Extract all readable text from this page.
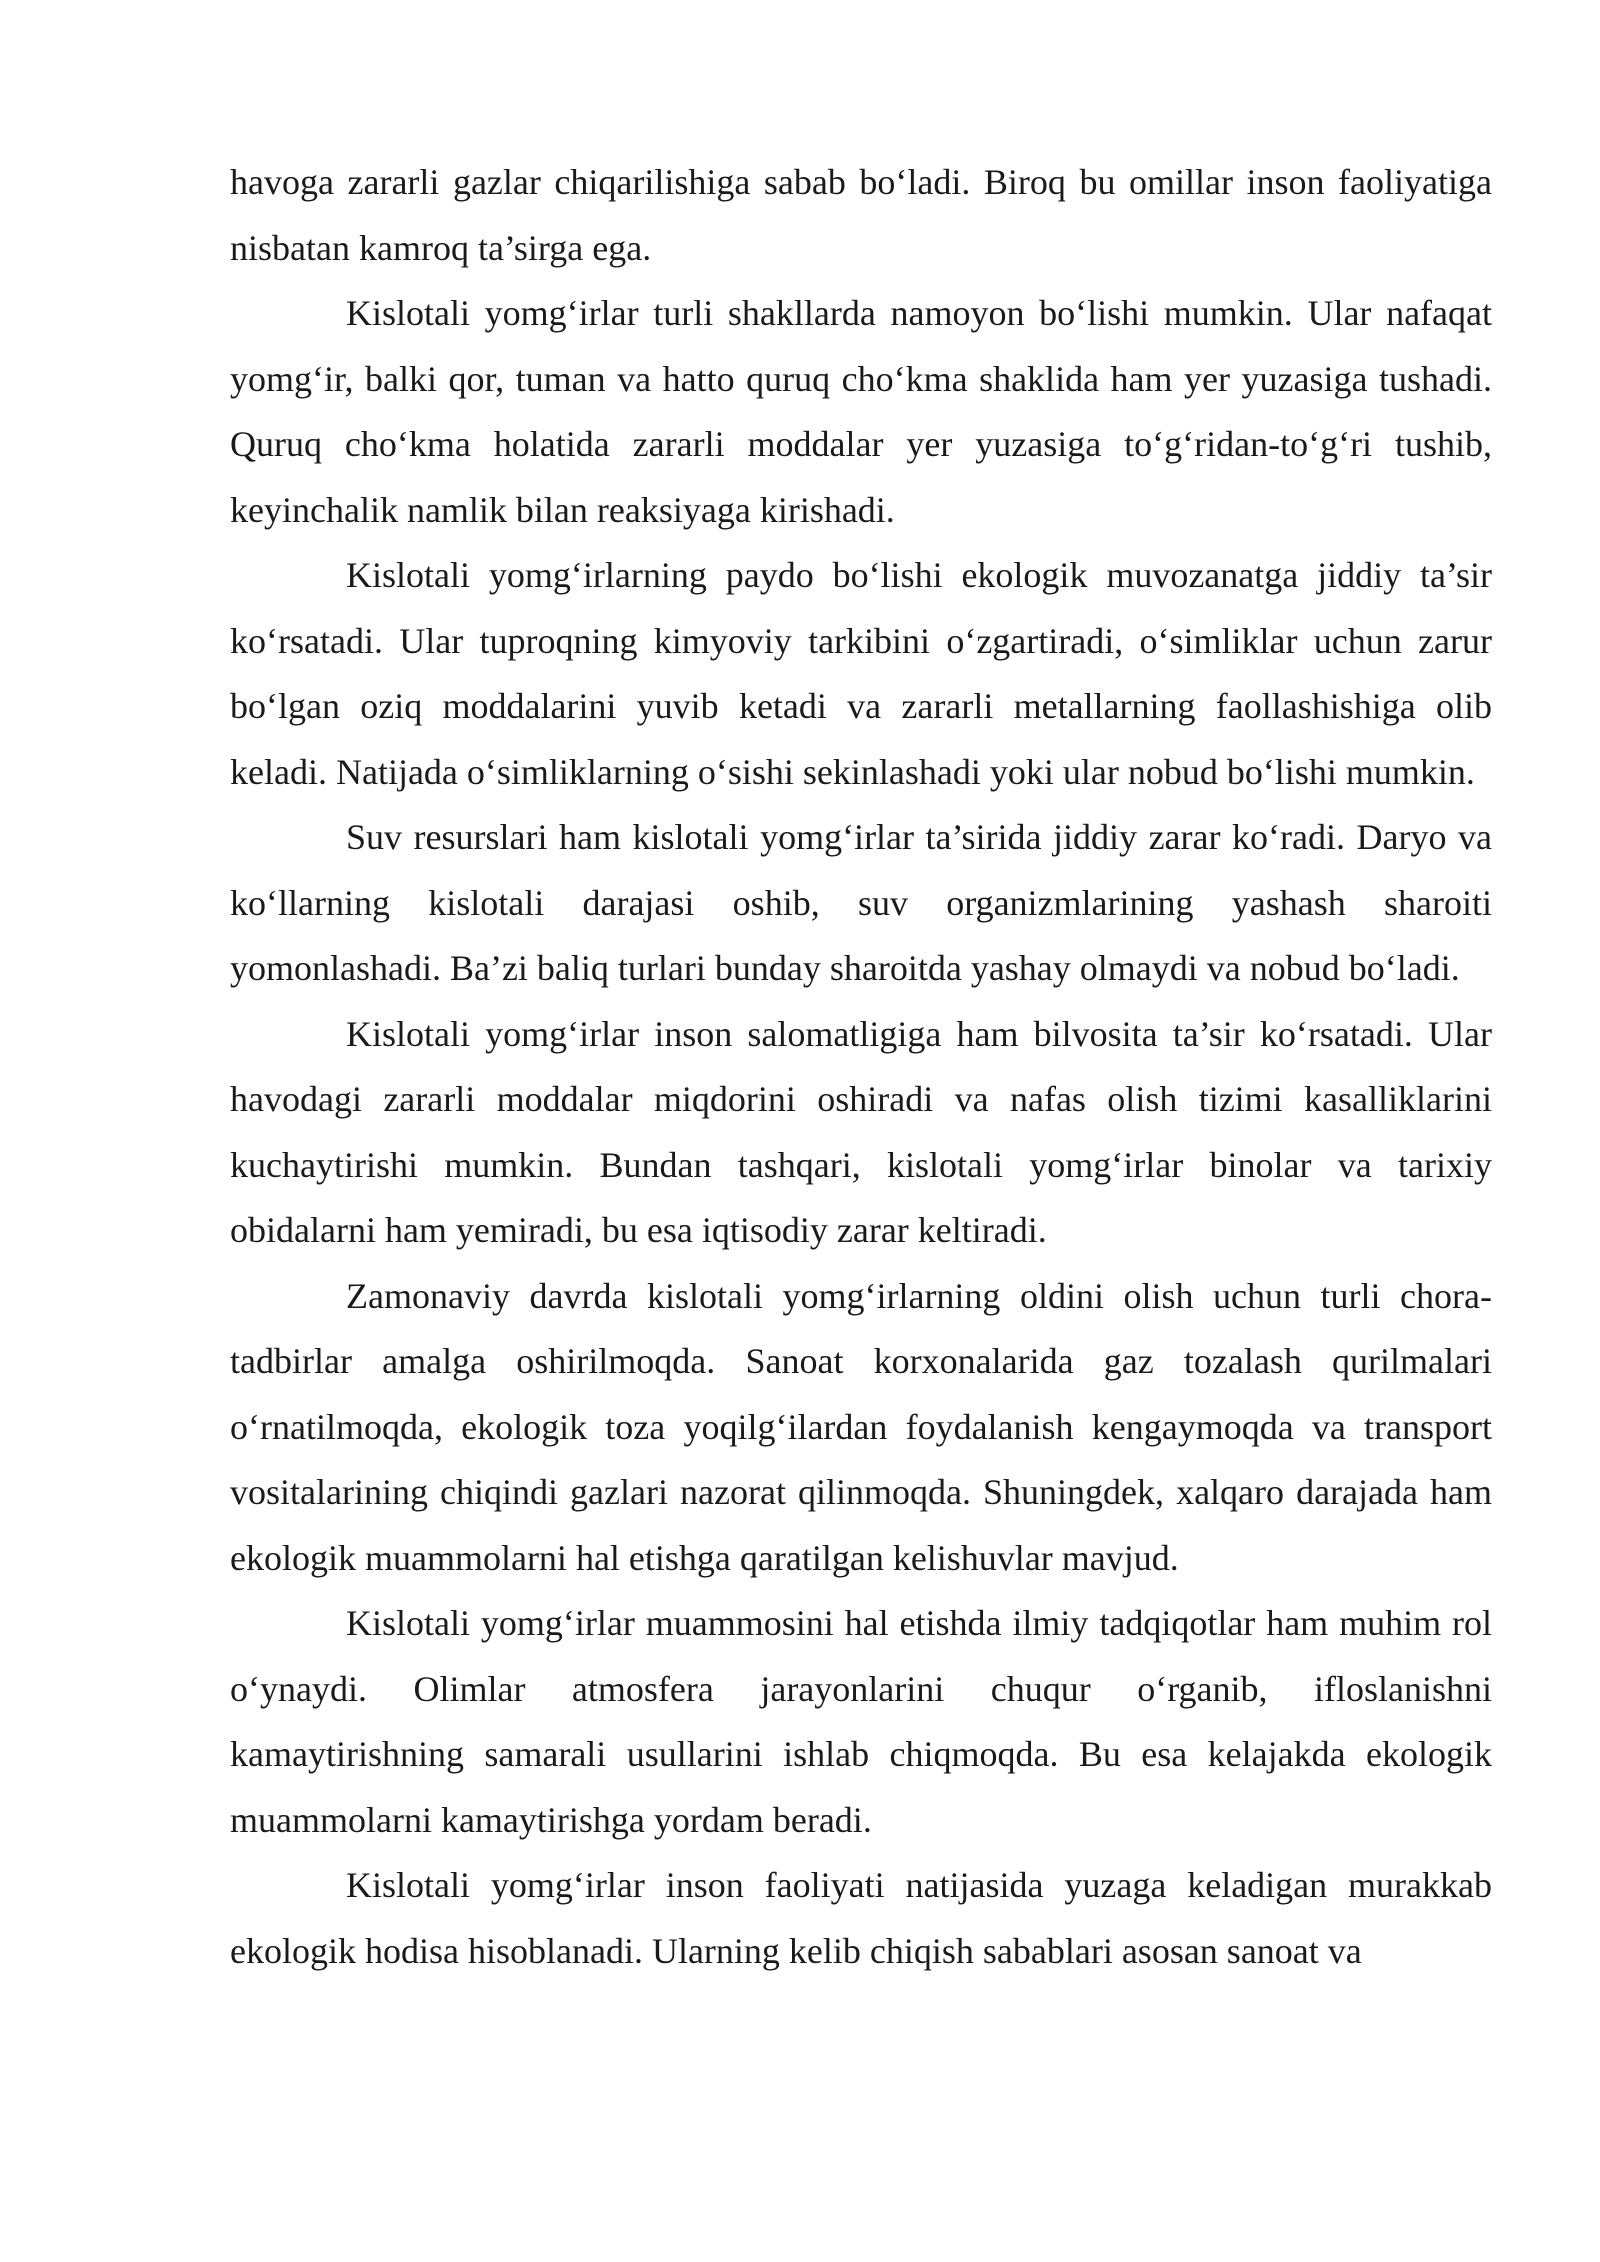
havoga zararli gazlar chiqarilishiga sabab bo‘ladi. Biroq bu omillar inson faoliyatiga nisbatan kamroq ta’sirga ega.

Kislotali yomg‘irlar turli shakllarda namoyon bo‘lishi mumkin. Ular nafaqat yomg‘ir, balki qor, tuman va hatto quruq cho‘kma shaklida ham yer yuzasiga tushadi. Quruq cho‘kma holatida zararli moddalar yer yuzasiga to‘g‘ridan-to‘g‘ri tushib, keyinchalik namlik bilan reaksiyaga kirishadi.

Kislotali yomg‘irlarning paydo bo‘lishi ekologik muvozanatga jiddiy ta’sir ko‘rsatadi. Ular tuproqning kimyoviy tarkibini o‘zgartiradi, o‘simliklar uchun zarur bo‘lgan oziq moddalarini yuvib ketadi va zararli metallarning faollashishiga olib keladi. Natijada o‘simliklarning o‘sishi sekinlashadi yoki ular nobud bo‘lishi mumkin.

Suv resurslari ham kislotali yomg‘irlar ta’sirida jiddiy zarar ko‘radi. Daryo va ko‘llarning kislotali darajasi oshib, suv organizmlarining yashash sharoiti yomonlashadi. Ba’zi baliq turlari bunday sharoitda yashay olmaydi va nobud bo‘ladi.

Kislotali yomg‘irlar inson salomatligiga ham bilvosita ta’sir ko‘rsatadi. Ular havodagi zararli moddalar miqdorini oshiradi va nafas olish tizimi kasalliklarini kuchaytirishi mumkin. Bundan tashqari, kislotali yomg‘irlar binolar va tarixiy obidalarni ham yemiradi, bu esa iqtisodiy zarar keltiradi.

Zamonaviy davrda kislotali yomg‘irlarning oldini olish uchun turli chora-tadbirlar amalga oshirilmoqda. Sanoat korxonalarida gaz tozalash qurilmalari o‘rnatilmoqda, ekologik toza yoqilg‘ilardan foydalanish kengaymoqda va transport vositalarining chiqindi gazlari nazorat qilinmoqda. Shuningdek, xalqaro darajada ham ekologik muammolarni hal etishga qaratilgan kelishuvlar mavjud.

Kislotali yomg‘irlar muammosini hal etishda ilmiy tadqiqotlar ham muhim rol o‘ynaydi. Olimlar atmosfera jarayonlarini chuqur o‘rganib, ifloslanishni kamaytirishning samarali usullarini ishlab chiqmoqda. Bu esa kelajakda ekologik muammolarni kamaytirishga yordam beradi.

Kislotali yomg‘irlar inson faoliyati natijasida yuzaga keladigan murakkab ekologik hodisa hisoblanadi. Ularning kelib chiqish sabablari asosan sanoat va
